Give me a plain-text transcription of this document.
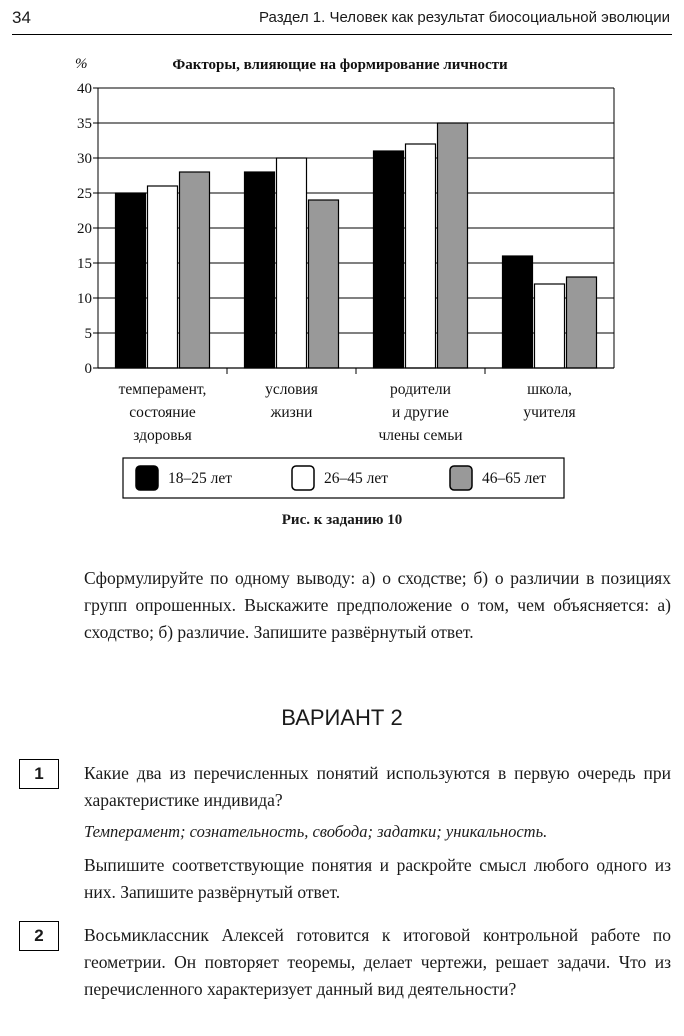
34	Раздел 1. Человек как результат биосоциальной эволюции
Факторы, влияющие на формирование личности
%
0
5
10
15
20
25
30
35
40
темперамент,
состояние
здоровья
условия
жизни
родители
и другие
члены семьи
школа,
учителя
18–25 лет	26–45 лет	46–65 лет
Рис. к заданию 10
Сформулируйте по одному выводу: а) о сходстве; б) о различии в позициях групп опрошенных. Выскажите предположение о том, чем объясняется: а) сходство; б) различие. Запишите развёрнутый ответ.
ВАРИАНТ 2
1	Какие два из перечисленных понятий используются в первую очередь при характеристике индивида?
Темперамент; сознательность, свобода; задатки; уникальность.
Выпишите соответствующие понятия и раскройте смысл любого одного из них. Запишите развёрнутый ответ.
2	Восьмиклассник Алексей готовится к итоговой контрольной работе по геометрии. Он повторяет теоремы, делает чертежи, решает задачи. Что из перечисленного характеризует данный вид деятельности?
